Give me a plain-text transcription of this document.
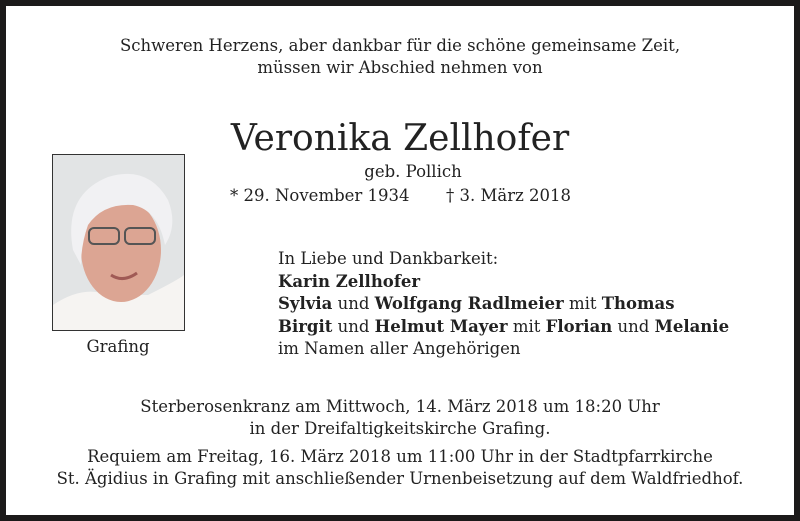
Schweren Herzens, aber dankbar für die schöne gemeinsame Zeit,
müssen wir Abschied nehmen von
Veronika Zellhofer
geb. Pollich
* 29. November 1934 † 3. März 2018
Grafing
In Liebe und Dankbarkeit:
Karin Zellhofer
Sylvia und Wolfgang Radlmeier mit Thomas
Birgit und Helmut Mayer mit Florian und Melanie
im Namen aller Angehörigen
Sterberosenkranz am Mittwoch, 14. März 2018 um 18:20 Uhr
in der Dreifaltigkeitskirche Grafing.
Requiem am Freitag, 16. März 2018 um 11:00 Uhr in der Stadtpfarrkirche
St. Ägidius in Grafing mit anschließender Urnenbeisetzung auf dem Waldfriedhof.
